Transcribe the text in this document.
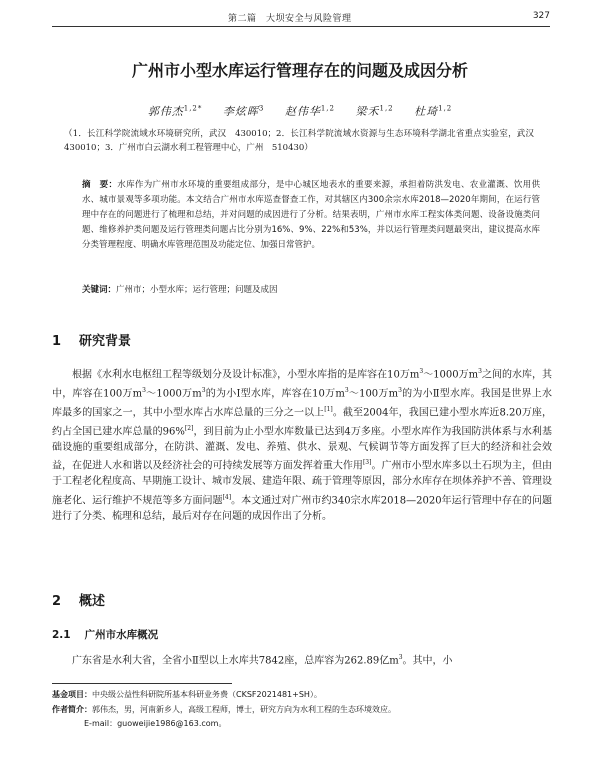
第二篇　大坝安全与风险管理	327
广州市小型水库运行管理存在的问题及成因分析
郭伟杰$^{1,2*}$ 李炫晖$^3$ 赵伟华$^{1,2}$ 梁禾$^{1,2}$ 杜琦$^{1,2}$
（1．长江科学院流域水环境研究所，武汉　430010；2．长江科学院流域水资源与生态环境科学湖北省重点实验室，武汉　430010；3．广州市白云湖水利工程管理中心，广州　510430）
摘　要：水库作为广州市水环境的重要组成部分，是中心城区地表水的重要来源，承担着防洪发电、农业灌溉、饮用供水、城市景观等多项功能。本文结合广州市水库巡查督查工作，对其辖区内300余宗水库2018—2020年期间，在运行管理中存在的问题进行了梳理和总结，并对问题的成因进行了分析。结果表明，广州市水库工程实体类问题、设备设施类问题、维修养护类问题及运行管理类问题占比分别为16%、9%、22%和53%，并以运行管理类问题最突出，建议提高水库分类管理程度、明确水库管理范围及功能定位、加强日常管护。
关键词：广州市；小型水库；运行管理；问题及成因
1 研究背景
根据《水利水电枢纽工程等级划分及设计标准》，小型水库指的是库容在10万$m^3\sim 1000$万$m^3$之间的水库，其中，库容在100万$m^3\sim 1000$万$m^3$的为小Ⅰ型水库，库容在10万$m^3\sim 100$万$m^3$的为小Ⅱ型水库。我国是世界上水库最多的国家之一，其中小型水库占水库总量的三分之一以上[1]。截至2004年，我国已建小型水库近8.20万座，约占全国已建水库总量的96%[2]，到目前为止小型水库数量已达到4万多座。小型水库作为我国防洪体系与水利基础设施的重要组成部分，在防洪、灌溉、发电、养殖、供水、景观、气候调节等方面发挥了巨大的经济和社会效益，在促进人水和谐以及经济社会的可持续发展等方面发挥着重大作用[3]。广州市小型水库多以土石坝为主，但由于工程老化程度高、早期施工设计、城市发展、建造年限、疏于管理等原因，部分水库存在坝体养护不善、管理设施老化、运行维护不规范等多方面问题[4]。本文通过对广州市约340宗水库2018—2020年运行管理中存在的问题进行了分类、梳理和总结，最后对存在问题的成因作出了分析。
2 概述
2.1 广州市水库概况
广东省是水利大省，全省小Ⅱ型以上水库共7842座，总库容为262.89亿$m^3$。其中，小
基金项目：中央级公益性科研院所基本科研业务费（CKSF2021481+SH）。
作者简介：郭伟杰，男，河南新乡人，高级工程师，博士，研究方向为水利工程的生态环境效应。
E-mail：guoweijie1986@163.com。
